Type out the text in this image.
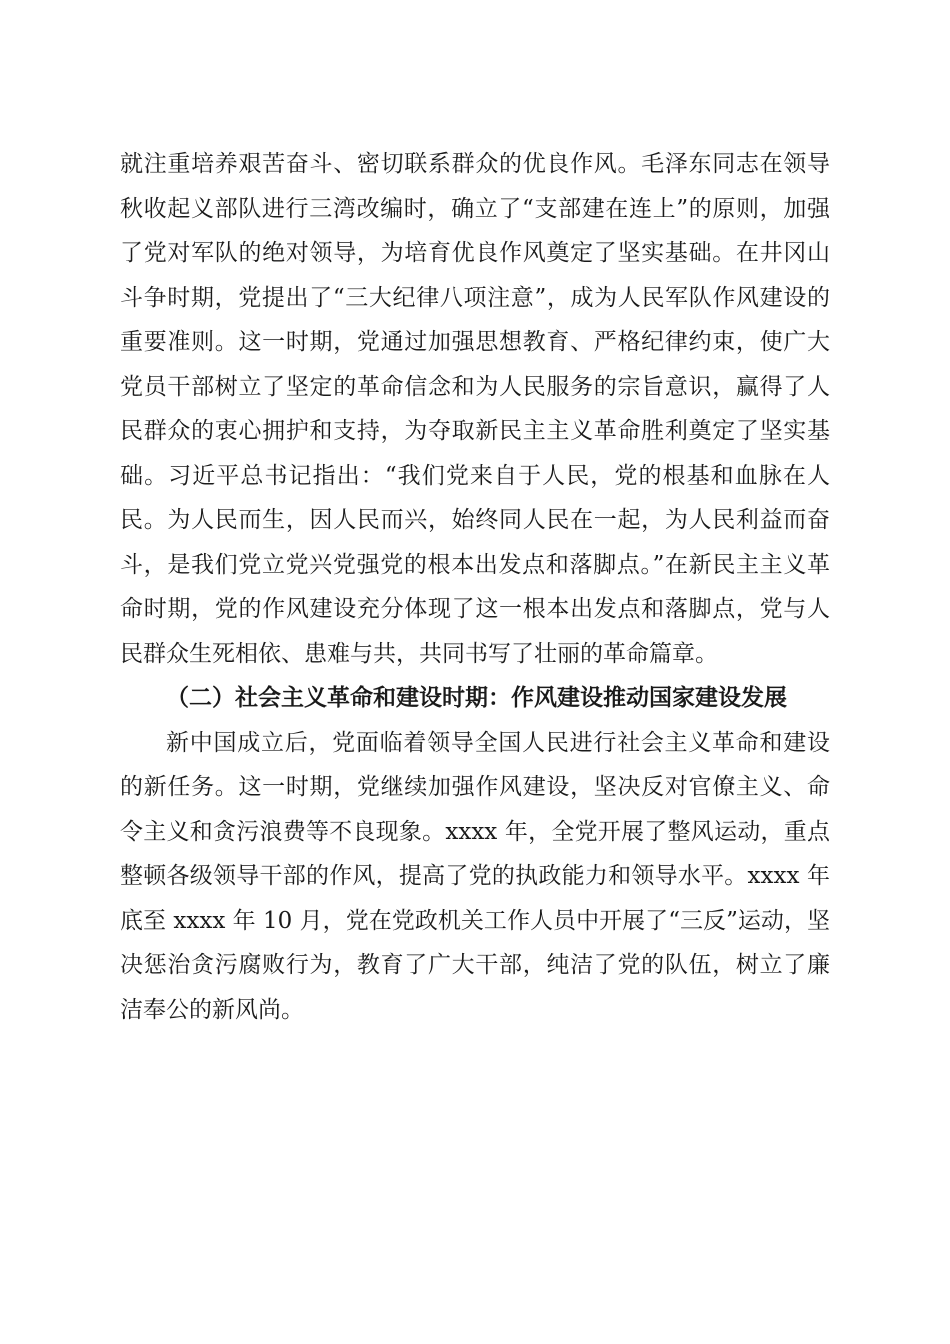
就注重培养艰苦奋斗、密切联系群众的优良作风。毛泽东同志在领导秋收起义部队进行三湾改编时，确立了“支部建在连上”的原则，加强了党对军队的绝对领导，为培育优良作风奠定了坚实基础。在井冈山斗争时期，党提出了“三大纪律八项注意”，成为人民军队作风建设的重要准则。这一时期，党通过加强思想教育、严格纪律约束，使广大党员干部树立了坚定的革命信念和为人民服务的宗旨意识，赢得了人民群众的衷心拥护和支持，为夺取新民主主义革命胜利奠定了坚实基础。习近平总书记指出：“我们党来自于人民，党的根基和血脉在人民。为人民而生，因人民而兴，始终同人民在一起，为人民利益而奋斗，是我们党立党兴党强党的根本出发点和落脚点。”在新民主主义革命时期，党的作风建设充分体现了这一根本出发点和落脚点，党与人民群众生死相依、患难与共，共同书写了壮丽的革命篇章。

（二）社会主义革命和建设时期：作风建设推动国家建设发展

新中国成立后，党面临着领导全国人民进行社会主义革命和建设的新任务。这一时期，党继续加强作风建设，坚决反对官僚主义、命令主义和贪污浪费等不良现象。xxxx 年，全党开展了整风运动，重点整顿各级领导干部的作风，提高了党的执政能力和领导水平。xxxx 年底至 xxxx 年 10 月，党在党政机关工作人员中开展了“三反”运动，坚决惩治贪污腐败行为，教育了广大干部，纯洁了党的队伍，树立了廉洁奉公的新风尚。
